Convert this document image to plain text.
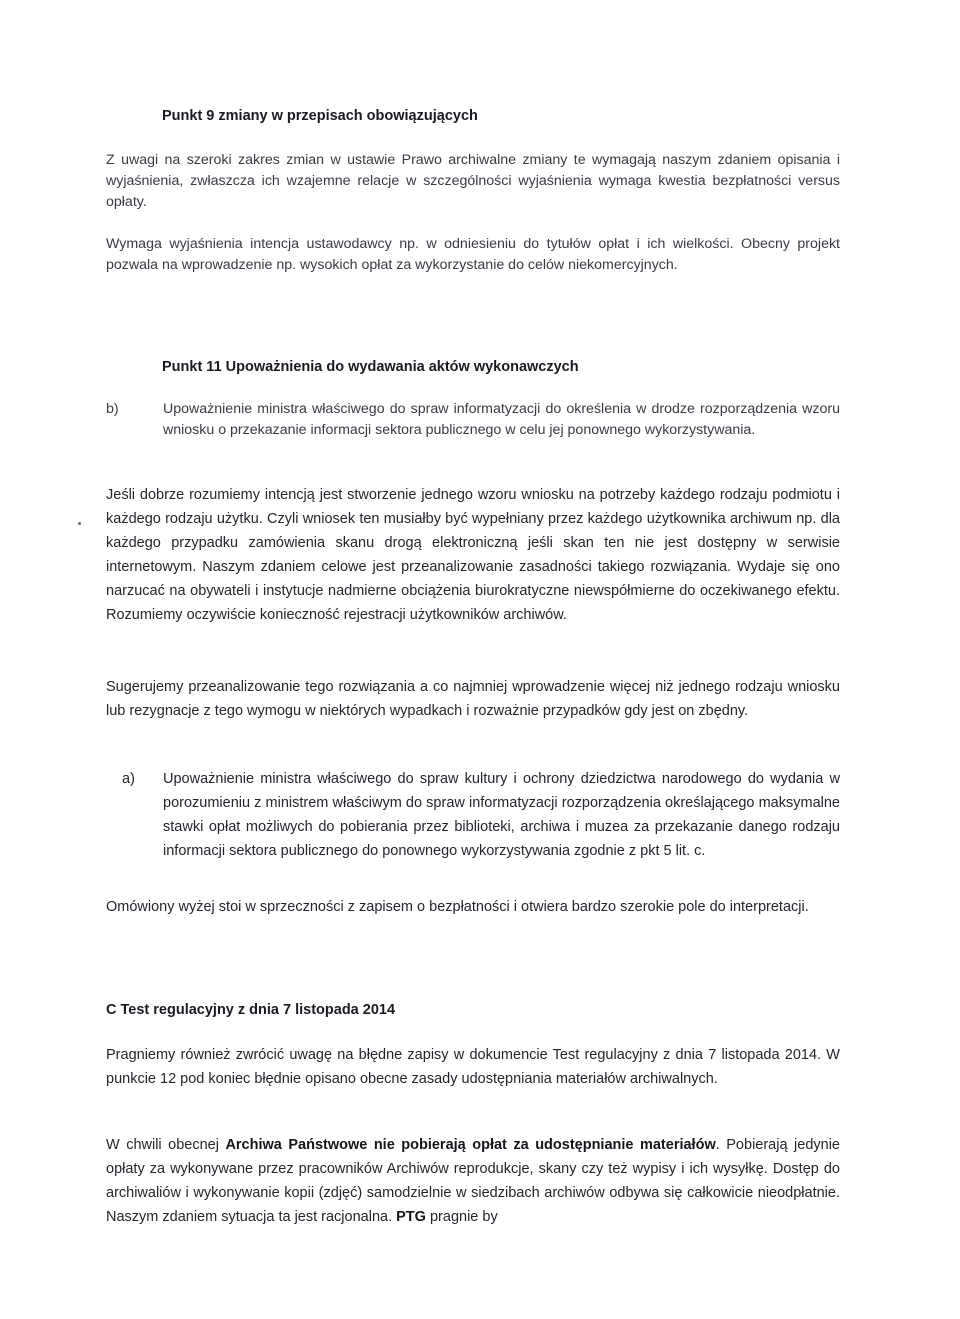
Punkt 9 zmiany w przepisach obowiązujących

Z uwagi na szeroki zakres zmian w ustawie Prawo archiwalne zmiany te wymagają naszym zdaniem opisania i wyjaśnienia, zwłaszcza ich wzajemne relacje w szczególności wyjaśnienia wymaga kwestia bezpłatności versus opłaty.

Wymaga wyjaśnienia intencja ustawodawcy np. w odniesieniu do tytułów opłat i ich wielkości. Obecny projekt pozwala na wprowadzenie np. wysokich opłat za wykorzystanie do celów niekomercyjnych.

Punkt 11 Upoważnienia do wydawania aktów wykonawczych

b)	Upoważnienie ministra właściwego do spraw informatyzacji do określenia w drodze rozporządzenia wzoru wniosku o przekazanie informacji sektora publicznego w celu jej ponownego wykorzystywania.

Jeśli dobrze rozumiemy intencją jest stworzenie jednego wzoru wniosku na potrzeby każdego rodzaju podmiotu i każdego rodzaju użytku. Czyli wniosek ten musiałby być wypełniany przez każdego użytkownika archiwum np. dla każdego przypadku zamówienia skanu drogą elektroniczną jeśli skan ten nie jest dostępny w serwisie internetowym. Naszym zdaniem celowe jest przeanalizowanie zasadności takiego rozwiązania. Wydaje się ono narzucać na obywateli i instytucje nadmierne obciążenia biurokratyczne niewspółmierne do oczekiwanego efektu. Rozumiemy oczywiście konieczność rejestracji użytkowników archiwów.

Sugerujemy przeanalizowanie tego rozwiązania a co najmniej wprowadzenie więcej niż jednego rodzaju wniosku lub rezygnacje z tego wymogu w niektórych wypadkach i rozważnie przypadków gdy jest on zbędny.

a)	Upoważnienie ministra właściwego do spraw kultury i ochrony dziedzictwa narodowego do wydania w porozumieniu z ministrem właściwym do spraw informatyzacji rozporządzenia określającego maksymalne stawki opłat możliwych do pobierania przez biblioteki, archiwa i muzea za przekazanie danego rodzaju informacji sektora publicznego do ponownego wykorzystywania zgodnie z pkt 5 lit. c.

Omówiony wyżej stoi w sprzeczności z zapisem o bezpłatności i otwiera bardzo szerokie pole do interpretacji.

C Test regulacyjny z dnia 7 listopada 2014

Pragniemy również zwrócić uwagę na błędne zapisy w dokumencie Test regulacyjny z dnia 7 listopada 2014. W punkcie 12 pod koniec błędnie opisano obecne zasady udostępniania materiałów archiwalnych.

W chwili obecnej Archiwa Państwowe nie pobierają opłat za udostępnianie materiałów. Pobierają jedynie opłaty za wykonywane przez pracowników Archiwów reprodukcje, skany czy też wypisy i ich wysyłkę. Dostęp do archiwaliów i wykonywanie kopii (zdjęć) samodzielnie w siedzibach archiwów odbywa się całkowicie nieodpłatnie. Naszym zdaniem sytuacja ta jest racjonalna. PTG pragnie by
